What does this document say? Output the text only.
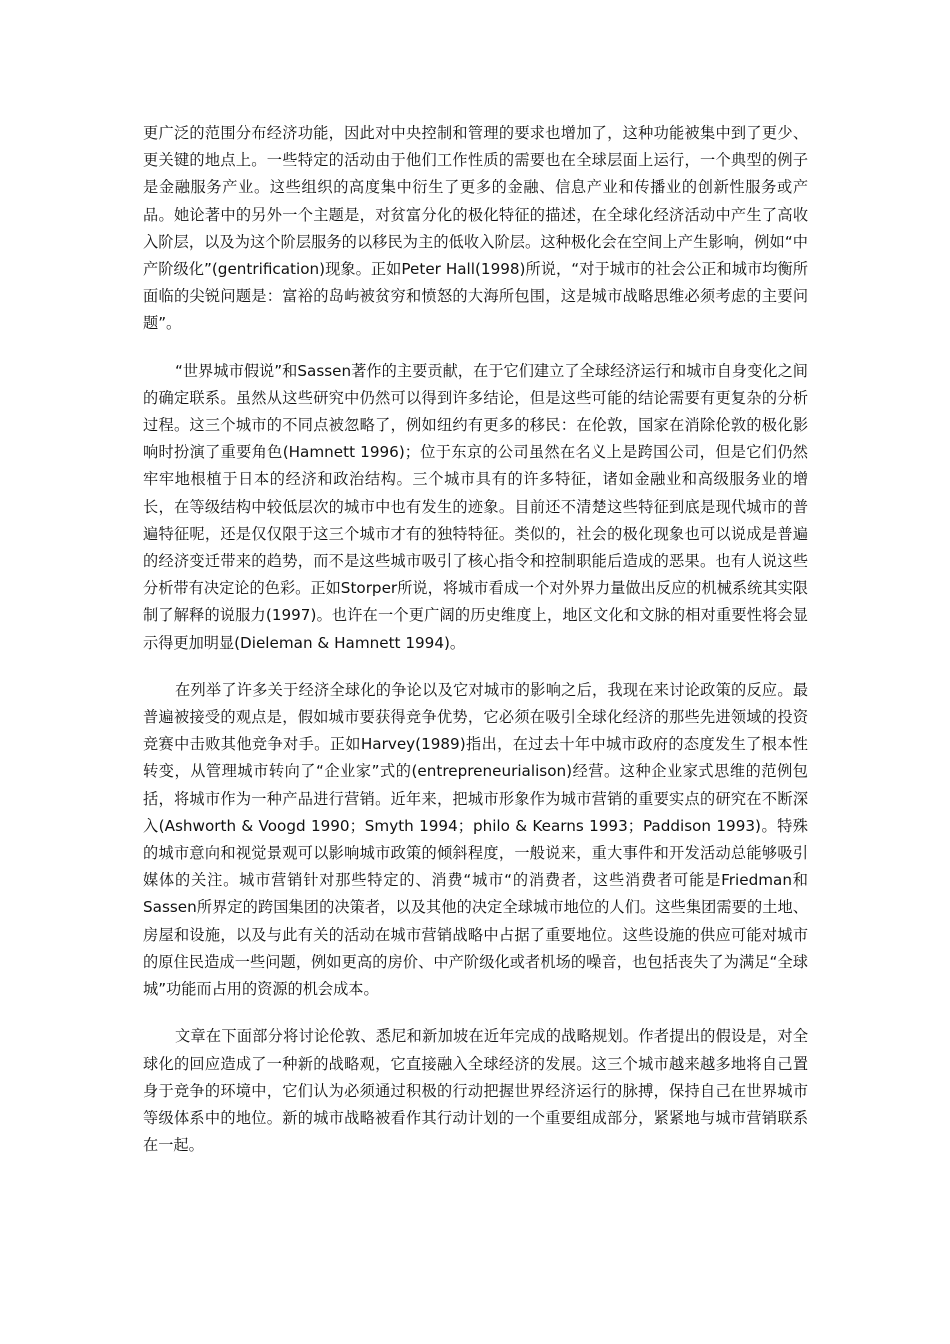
更广泛的范围分布经济功能，因此对中央控制和管理的要求也增加了，这种功能被集中到了更少、更关键的地点上。一些特定的活动由于他们工作性质的需要也在全球层面上运行，一个典型的例子是金融服务产业。这些组织的高度集中衍生了更多的金融、信息产业和传播业的创新性服务或产品。她论著中的另外一个主题是，对贫富分化的极化特征的描述，在全球化经济活动中产生了高收入阶层，以及为这个阶层服务的以移民为主的低收入阶层。这种极化会在空间上产生影响，例如“中产阶级化”(gentrification)现象。正如Peter Hall(1998)所说，“对于城市的社会公正和城市均衡所面临的尖锐问题是：富裕的岛屿被贫穷和愤怒的大海所包围，这是城市战略思维必须考虑的主要问题”。

“世界城市假说”和Sassen著作的主要贡献，在于它们建立了全球经济运行和城市自身变化之间的确定联系。虽然从这些研究中仍然可以得到许多结论，但是这些可能的结论需要有更复杂的分析过程。这三个城市的不同点被忽略了，例如纽约有更多的移民：在伦敦，国家在消除伦敦的极化影响时扮演了重要角色(Hamnett 1996)；位于东京的公司虽然在名义上是跨国公司，但是它们仍然牢牢地根植于日本的经济和政治结构。三个城市具有的许多特征，诸如金融业和高级服务业的增长，在等级结构中较低层次的城市中也有发生的迹象。目前还不清楚这些特征到底是现代城市的普遍特征呢，还是仅仅限于这三个城市才有的独特特征。类似的，社会的极化现象也可以说成是普遍的经济变迁带来的趋势，而不是这些城市吸引了核心指令和控制职能后造成的恶果。也有人说这些分析带有决定论的色彩。正如Storper所说，将城市看成一个对外界力量做出反应的机械系统其实限制了解释的说服力(1997)。也许在一个更广阔的历史维度上，地区文化和文脉的相对重要性将会显示得更加明显(Dieleman & Hamnett 1994)。

在列举了许多关于经济全球化的争论以及它对城市的影响之后，我现在来讨论政策的反应。最普遍被接受的观点是，假如城市要获得竞争优势，它必须在吸引全球化经济的那些先进领域的投资竞赛中击败其他竞争对手。正如Harvey(1989)指出，在过去十年中城市政府的态度发生了根本性转变，从管理城市转向了“企业家”式的(entrepreneurialison)经营。这种企业家式思维的范例包括，将城市作为一种产品进行营销。近年来，把城市形象作为城市营销的重要实点的研究在不断深入(Ashworth & Voogd 1990；Smyth 1994；philo & Kearns 1993；Paddison 1993)。特殊的城市意向和视觉景观可以影响城市政策的倾斜程度，一般说来，重大事件和开发活动总能够吸引媒体的关注。城市营销针对那些特定的、消费“城市“的消费者，这些消费者可能是Friedman和Sassen所界定的跨国集团的决策者，以及其他的决定全球城市地位的人们。这些集团需要的土地、房屋和设施，以及与此有关的活动在城市营销战略中占据了重要地位。这些设施的供应可能对城市的原住民造成一些问题，例如更高的房价、中产阶级化或者机场的噪音，也包括丧失了为满足“全球城”功能而占用的资源的机会成本。

文章在下面部分将讨论伦敦、悉尼和新加坡在近年完成的战略规划。作者提出的假设是，对全球化的回应造成了一种新的战略观，它直接融入全球经济的发展。这三个城市越来越多地将自己置身于竞争的环境中，它们认为必须通过积极的行动把握世界经济运行的脉搏，保持自己在世界城市等级体系中的地位。新的城市战略被看作其行动计划的一个重要组成部分，紧紧地与城市营销联系在一起。
